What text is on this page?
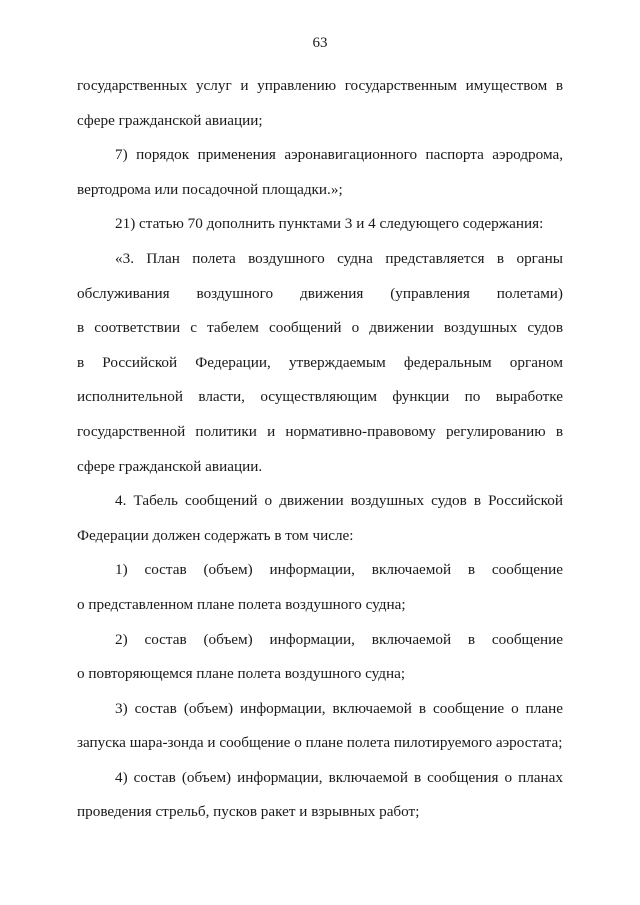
63

государственных услуг и управлению государственным имуществом в
сфере гражданской авиации;

7) порядок применения аэронавигационного паспорта аэродрома,
вертодрома или посадочной площадки.»;

21) статью 70 дополнить пунктами 3 и 4 следующего содержания:

«3. План полета воздушного судна представляется в органы
обслуживания воздушного движения (управления полетами)
в соответствии с табелем сообщений о движении воздушных судов
в Российской Федерации, утверждаемым федеральным органом
исполнительной власти, осуществляющим функции по выработке
государственной политики и нормативно-правовому регулированию в
сфере гражданской авиации.

4. Табель сообщений о движении воздушных судов в Российской
Федерации должен содержать в том числе:

1) состав (объем) информации, включаемой в сообщение
о представленном плане полета воздушного судна;

2) состав (объем) информации, включаемой в сообщение
о повторяющемся плане полета воздушного судна;

3) состав (объем) информации, включаемой в сообщение о плане
запуска шара-зонда и сообщение о плане полета пилотируемого аэростата;

4) состав (объем) информации, включаемой в сообщения о планах
проведения стрельб, пусков ракет и взрывных работ;
